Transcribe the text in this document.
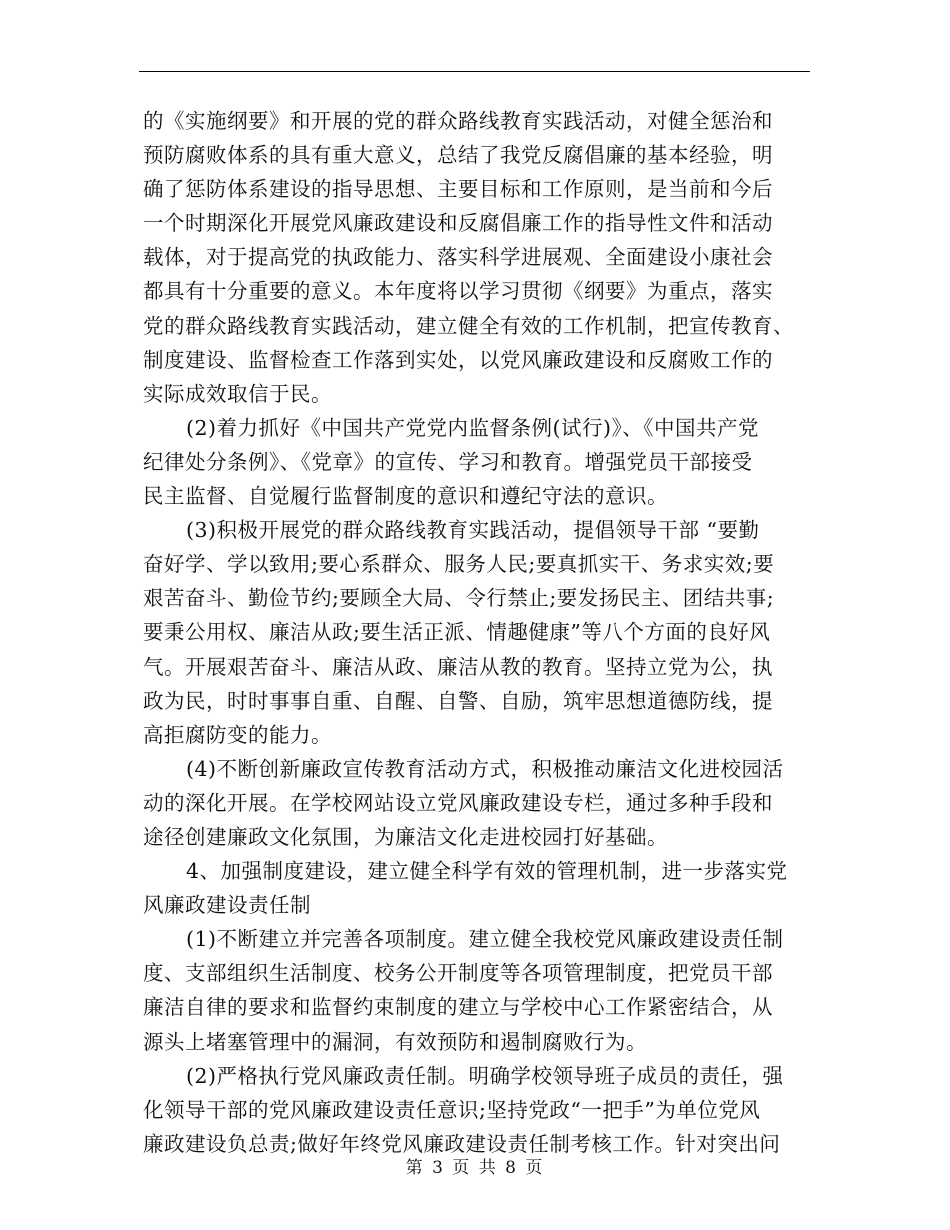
的《实施纲要》和开展的党的群众路线教育实践活动，对健全惩治和
预防腐败体系的具有重大意义，总结了我党反腐倡廉的基本经验，明
确了惩防体系建设的指导思想、主要目标和工作原则，是当前和今后
一个时期深化开展党风廉政建设和反腐倡廉工作的指导性文件和活动
载体，对于提高党的执政能力、落实科学进展观、全面建设小康社会
都具有十分重要的意义。本年度将以学习贯彻《纲要》为重点，落实
党的群众路线教育实践活动，建立健全有效的工作机制，把宣传教育、
制度建设、监督检查工作落到实处，以党风廉政建设和反腐败工作的
实际成效取信于民。
(2)着力抓好《中国共产党党内监督条例(试行)》、《中国共产党
纪律处分条例》、《党章》的宣传、学习和教育。增强党员干部接受
民主监督、自觉履行监督制度的意识和遵纪守法的意识。
(3)积极开展党的群众路线教育实践活动，提倡领导干部 “要勤
奋好学、学以致用;要心系群众、服务人民;要真抓实干、务求实效;要
艰苦奋斗、勤俭节约;要顾全大局、令行禁止;要发扬民主、团结共事;
要秉公用权、廉洁从政;要生活正派、情趣健康”等八个方面的良好风
气。开展艰苦奋斗、廉洁从政、廉洁从教的教育。坚持立党为公，执
政为民，时时事事自重、自醒、自警、自励，筑牢思想道德防线，提
高拒腐防变的能力。
(4)不断创新廉政宣传教育活动方式，积极推动廉洁文化进校园活
动的深化开展。在学校网站设立党风廉政建设专栏，通过多种手段和
途径创建廉政文化氛围，为廉洁文化走进校园打好基础。
4、加强制度建设，建立健全科学有效的管理机制，进一步落实党
风廉政建设责任制
(1)不断建立并完善各项制度。建立健全我校党风廉政建设责任制
度、支部组织生活制度、校务公开制度等各项管理制度，把党员干部
廉洁自律的要求和监督约束制度的建立与学校中心工作紧密结合，从
源头上堵塞管理中的漏洞，有效预防和遏制腐败行为。
(2)严格执行党风廉政责任制。明确学校领导班子成员的责任，强
化领导干部的党风廉政建设责任意识;坚持党政“一把手”为单位党风
廉政建设负总责;做好年终党风廉政建设责任制考核工作。针对突出问
第 3 页 共 8 页
